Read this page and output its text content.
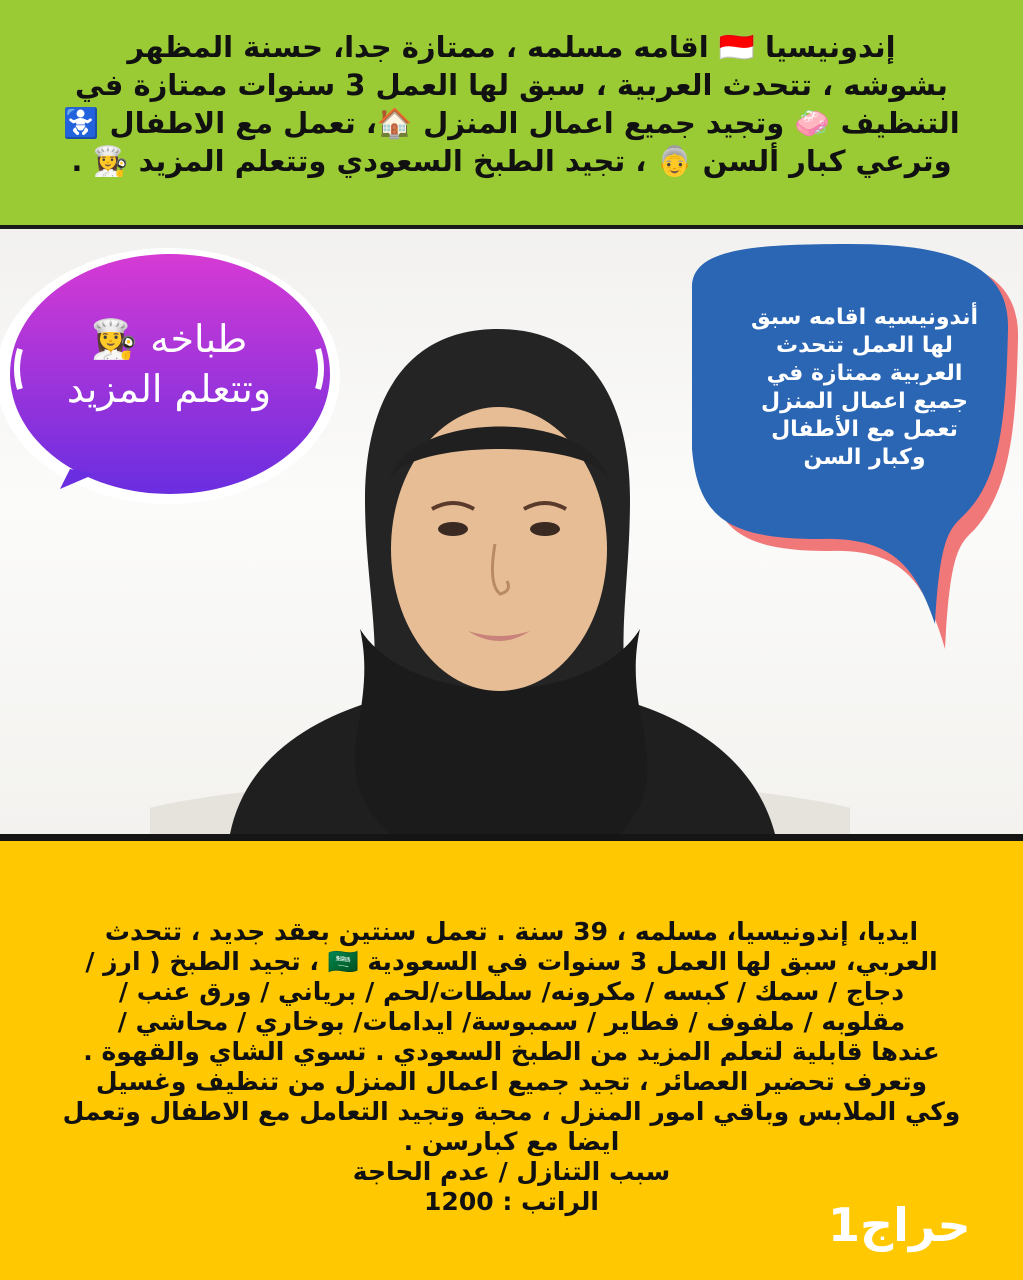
إندونيسيا 🇮🇩 اقامه مسلمه ، ممتازة جدا، حسنة المظهر
بشوشه ، تتحدث العربية ، سبق لها العمل 3 سنوات ممتازة في
التنظيف 🧼 وتجيد جميع اعمال المنزل 🏠، تعمل مع الاطفال 🚼
وترعي كبار ألسن 👵 ، تجيد الطبخ السعودي وتتعلم المزيد 👩‍🍳 .
طباخه 👩‍🍳
وتتعلم المزيد
أندونيسيه اقامه سبق
لها العمل تتحدث
العربية ممتازة في
جميع اعمال المنزل
تعمل مع الأطفال
وكبار السن
ايديا، إندونيسيا، مسلمه ، 39 سنة . تعمل سنتين بعقد جديد ، تتحدث
العربي، سبق لها العمل 3 سنوات في السعودية 🇸🇦 ، تجيد الطبخ ( ارز /
دجاج / سمك / كبسه / مكرونه/ سلطات/لحم / برياني / ورق عنب /
مقلوبه / ملفوف / فطاير / سمبوسة/ ايدامات/ بوخاري / محاشي /
عندها قابلية لتعلم المزيد من الطبخ السعودي . تسوي الشاي والقهوة .
وتعرف تحضير العصائر ، تجيد جميع اعمال المنزل من تنظيف وغسيل
وكي الملابس وباقي امور المنزل ، محبة وتجيد التعامل مع الاطفال وتعمل
ايضا مع كبارسن .
سبب التنازل / عدم الحاجة
الراتب : 1200	حراج1
